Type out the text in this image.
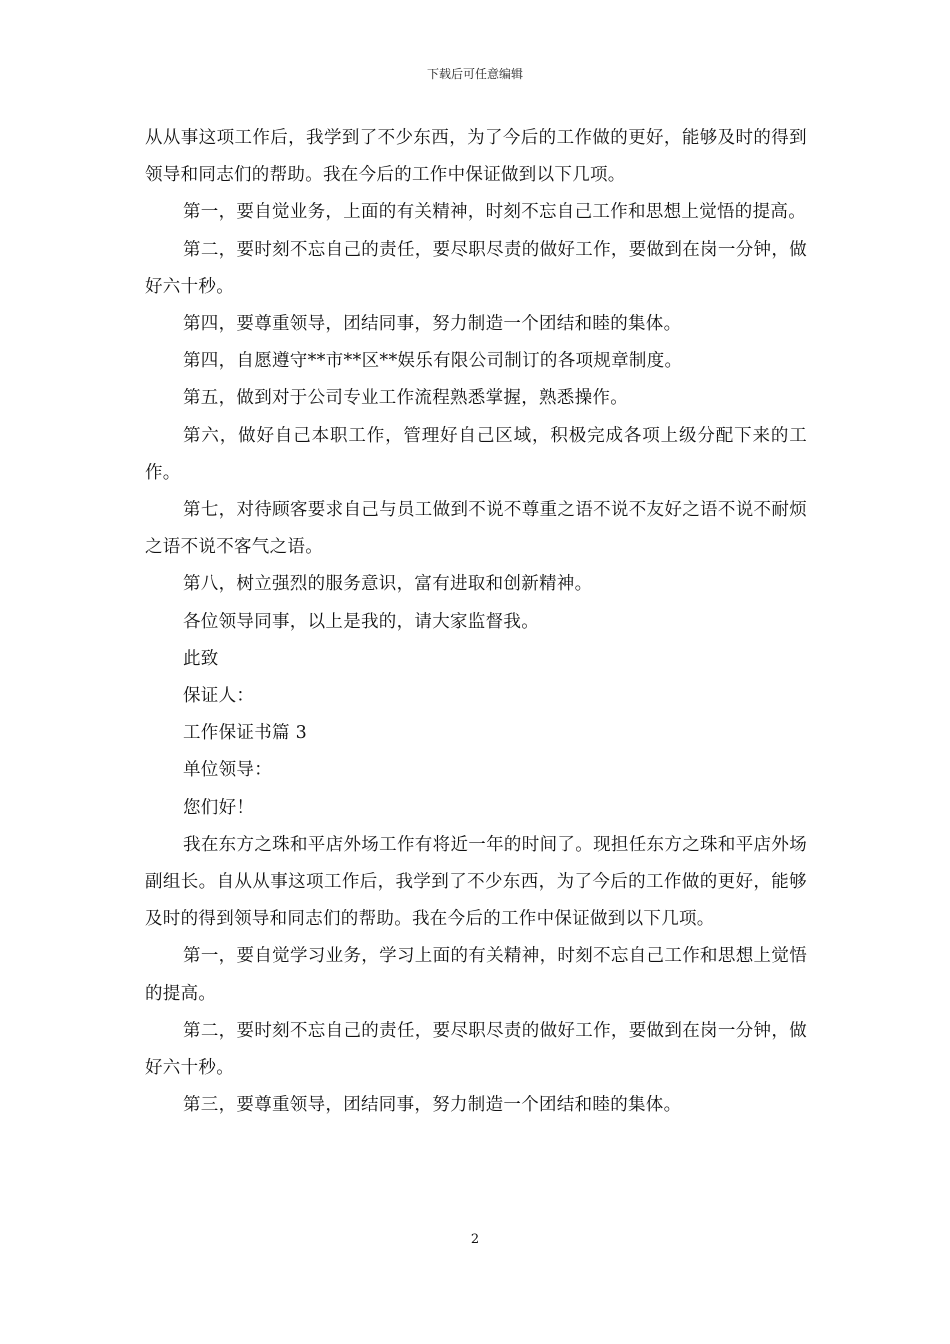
下载后可任意编辑

从从事这项工作后，我学到了不少东西，为了今后的工作做的更好，能够及时的得到领导和同志们的帮助。我在今后的工作中保证做到以下几项。

第一，要自觉业务，上面的有关精神，时刻不忘自己工作和思想上觉悟的提高。

第二，要时刻不忘自己的责任，要尽职尽责的做好工作，要做到在岗一分钟，做好六十秒。

第四，要尊重领导，团结同事，努力制造一个团结和睦的集体。

第四，自愿遵守**市**区**娱乐有限公司制订的各项规章制度。

第五，做到对于公司专业工作流程熟悉掌握，熟悉操作。

第六，做好自己本职工作，管理好自己区域，积极完成各项上级分配下来的工作。

第七，对待顾客要求自己与员工做到不说不尊重之语不说不友好之语不说不耐烦之语不说不客气之语。

第八，树立强烈的服务意识，富有进取和创新精神。

各位领导同事，以上是我的，请大家监督我。

此致

保证人：

工作保证书篇 3

单位领导：

您们好！

我在东方之珠和平店外场工作有将近一年的时间了。现担任东方之珠和平店外场副组长。自从从事这项工作后，我学到了不少东西，为了今后的工作做的更好，能够及时的得到领导和同志们的帮助。我在今后的工作中保证做到以下几项。

第一，要自觉学习业务，学习上面的有关精神，时刻不忘自己工作和思想上觉悟的提高。

第二，要时刻不忘自己的责任，要尽职尽责的做好工作，要做到在岗一分钟，做好六十秒。

第三，要尊重领导，团结同事，努力制造一个团结和睦的集体。

2
